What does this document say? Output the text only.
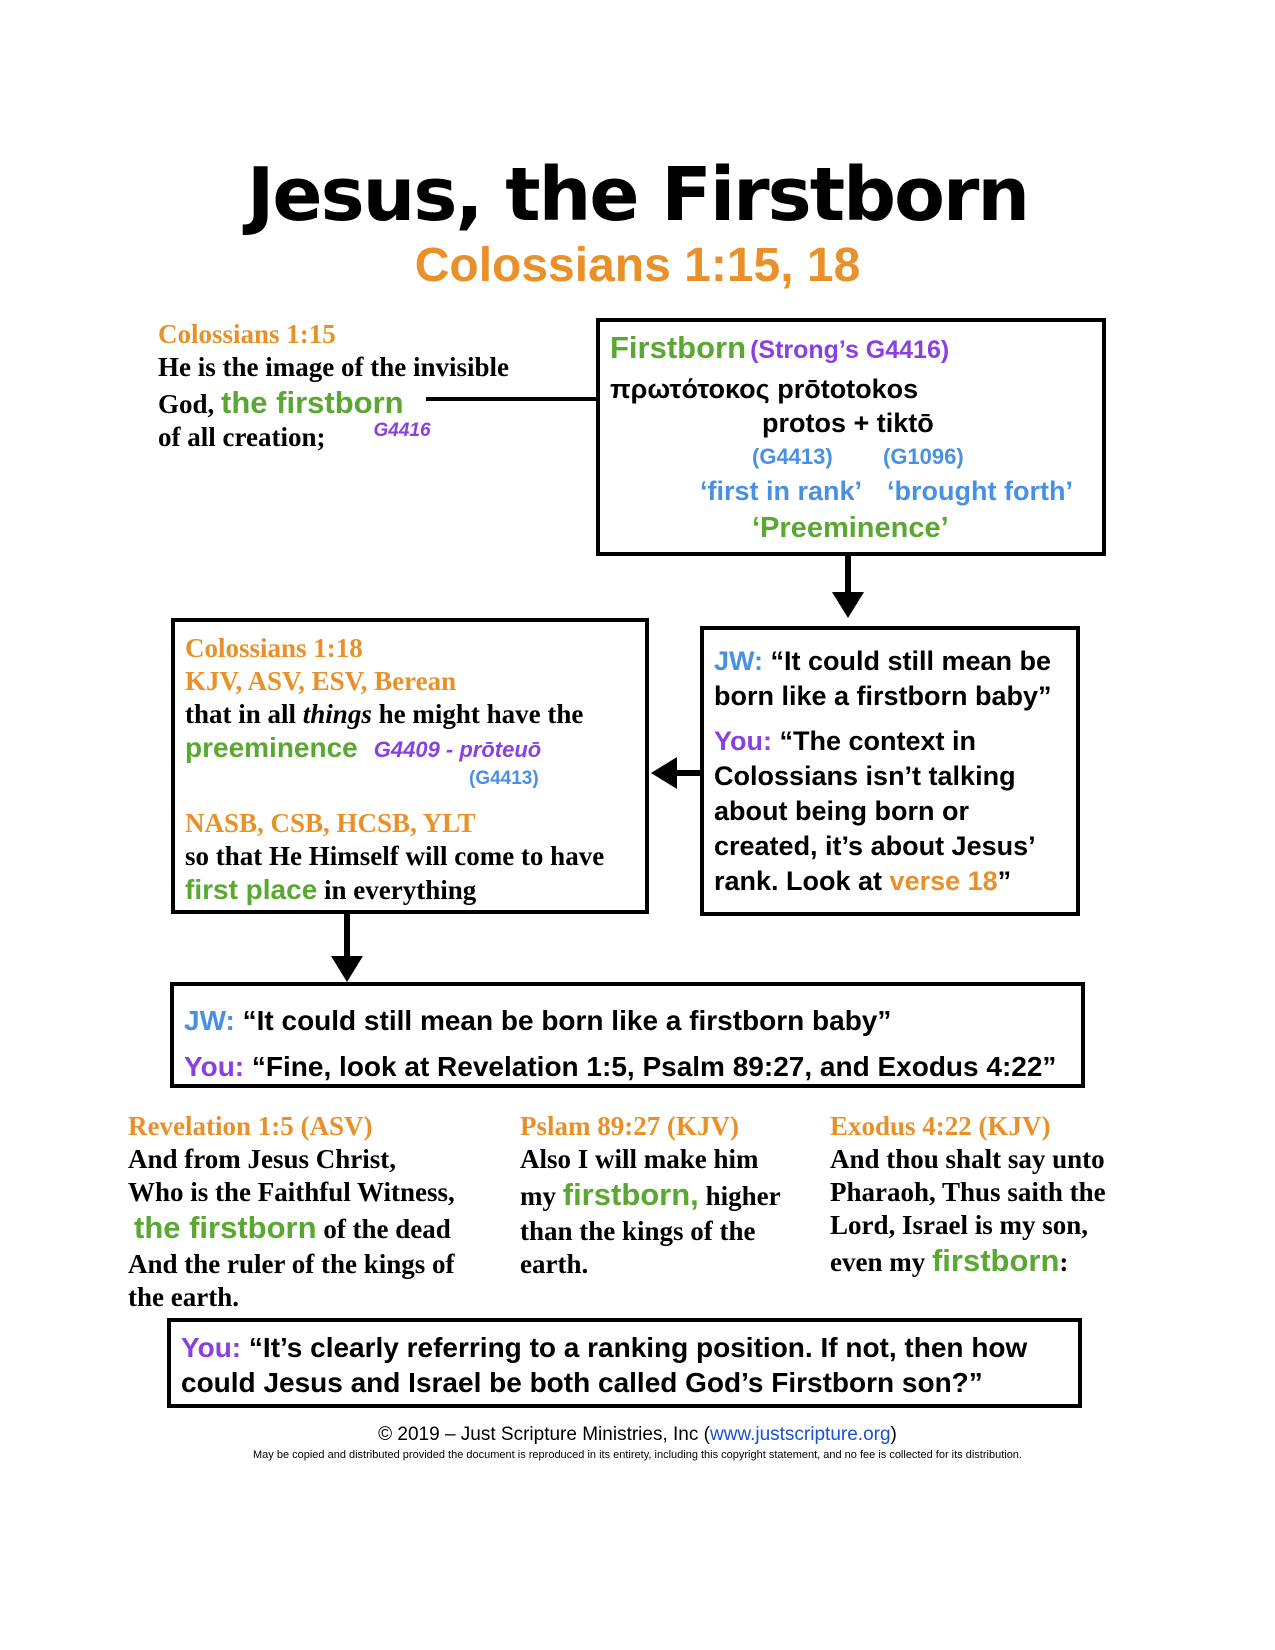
Jesus, the Firstborn
Colossians 1:15, 18
Colossians 1:15
He is the image of the invisible
God, the firstborn
of all creation;	$^{G4416}$
Firstborn (Strong’s G4416)
πρωτότοκος prōtotokos
protos + tiktō
(G4413) (G1096)
‘first in rank’ ‘brought forth’
‘Preeminence’
Colossians 1:18
KJV, ASV, ESV, Berean
that in all things he might have the
preeminence G4409 - prōteuō
(G4413)
NASB, CSB, HCSB, YLT
so that He Himself will come to have
first place in everything
JW: “It could still mean be
born like a firstborn baby”
You: “The context in
Colossians isn’t talking
about being born or
created, it’s about Jesus’
rank. Look at verse 18”
JW: “It could still mean be born like a firstborn baby”
You: “Fine, look at Revelation 1:5, Psalm 89:27, and Exodus 4:22”
Revelation 1:5 (ASV)
And from Jesus Christ,
Who is the Faithful Witness,
the firstborn of the dead
And the ruler of the kings of
the earth.
Pslam 89:27 (KJV)
Also I will make him
my firstborn, higher
than the kings of the
earth.
Exodus 4:22 (KJV)
And thou shalt say unto
Pharaoh, Thus saith the
Lord, Israel is my son,
even my firstborn:
You: “It’s clearly referring to a ranking position. If not, then how
could Jesus and Israel be both called God’s Firstborn son?”
© 2019 – Just Scripture Ministries, Inc (www.justscripture.org)
May be copied and distributed provided the document is reproduced in its entirety, including this copyright statement, and no fee is collected for its distribution.
